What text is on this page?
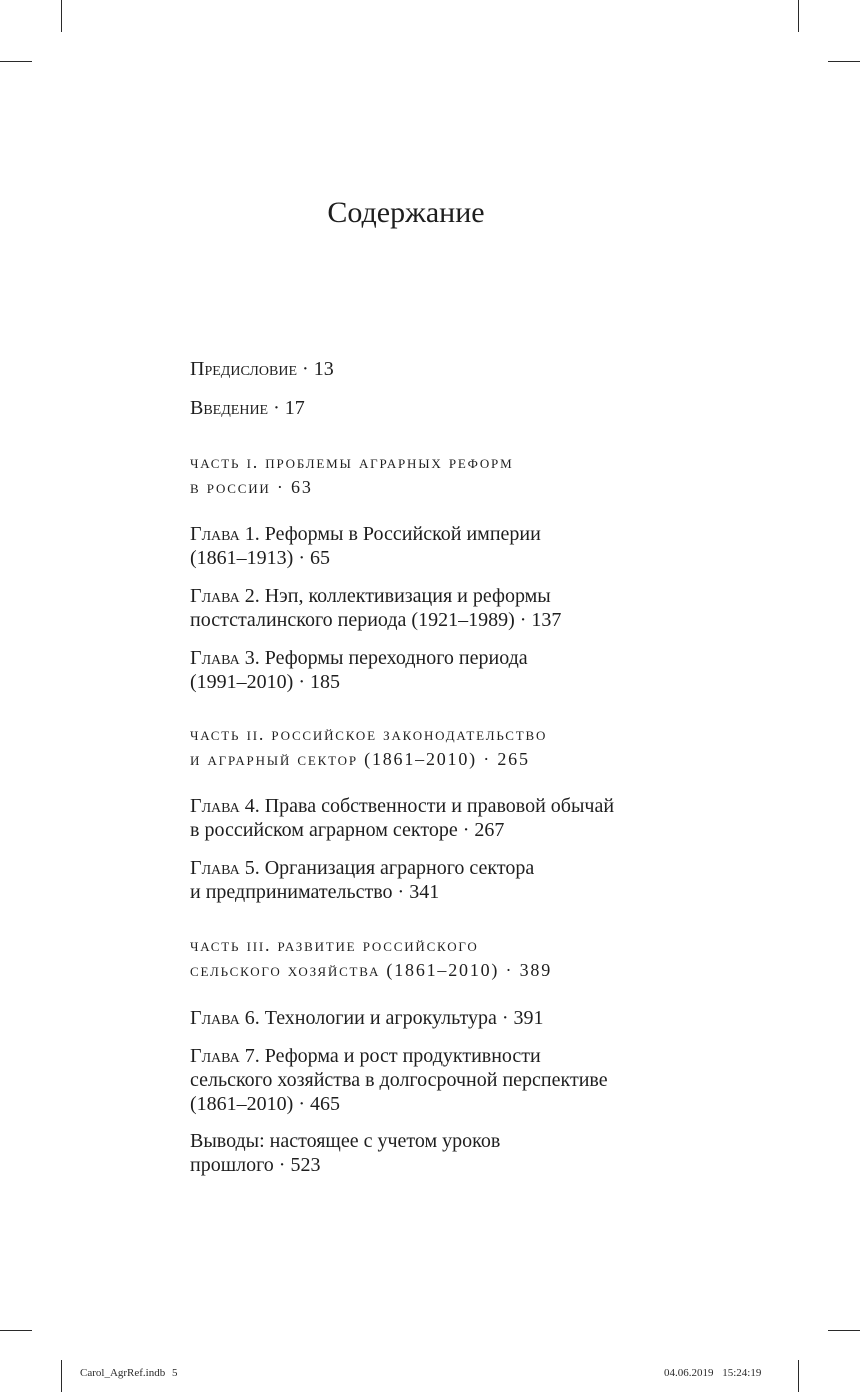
Содержание
Предисловие · 13
Введение · 17
часть i. проблемы аграрных реформ
в россии · 63
Глава 1. Реформы в Российской империи
(1861–1913) · 65
Глава 2. Нэп, коллективизация и реформы
постсталинского периода (1921–1989) · 137
Глава 3. Реформы переходного периода
(1991–2010) · 185
часть ii. российское законодательство
и аграрный сектор (1861–2010) · 265
Глава 4. Права собственности и правовой обычай
в российском аграрном секторе · 267
Глава 5. Организация аграрного сектора
и предпринимательство · 341
часть iii. развитие российского
сельского хозяйства (1861–2010) · 389
Глава 6. Технологии и агрокультура · 391
Глава 7. Реформа и рост продуктивности
сельского хозяйства в долгосрочной перспективе
(1861–2010) · 465
Выводы: настоящее с учетом уроков
прошлого · 523
Carol_AgrRef.indb 5	04.06.2019 15:24:19
